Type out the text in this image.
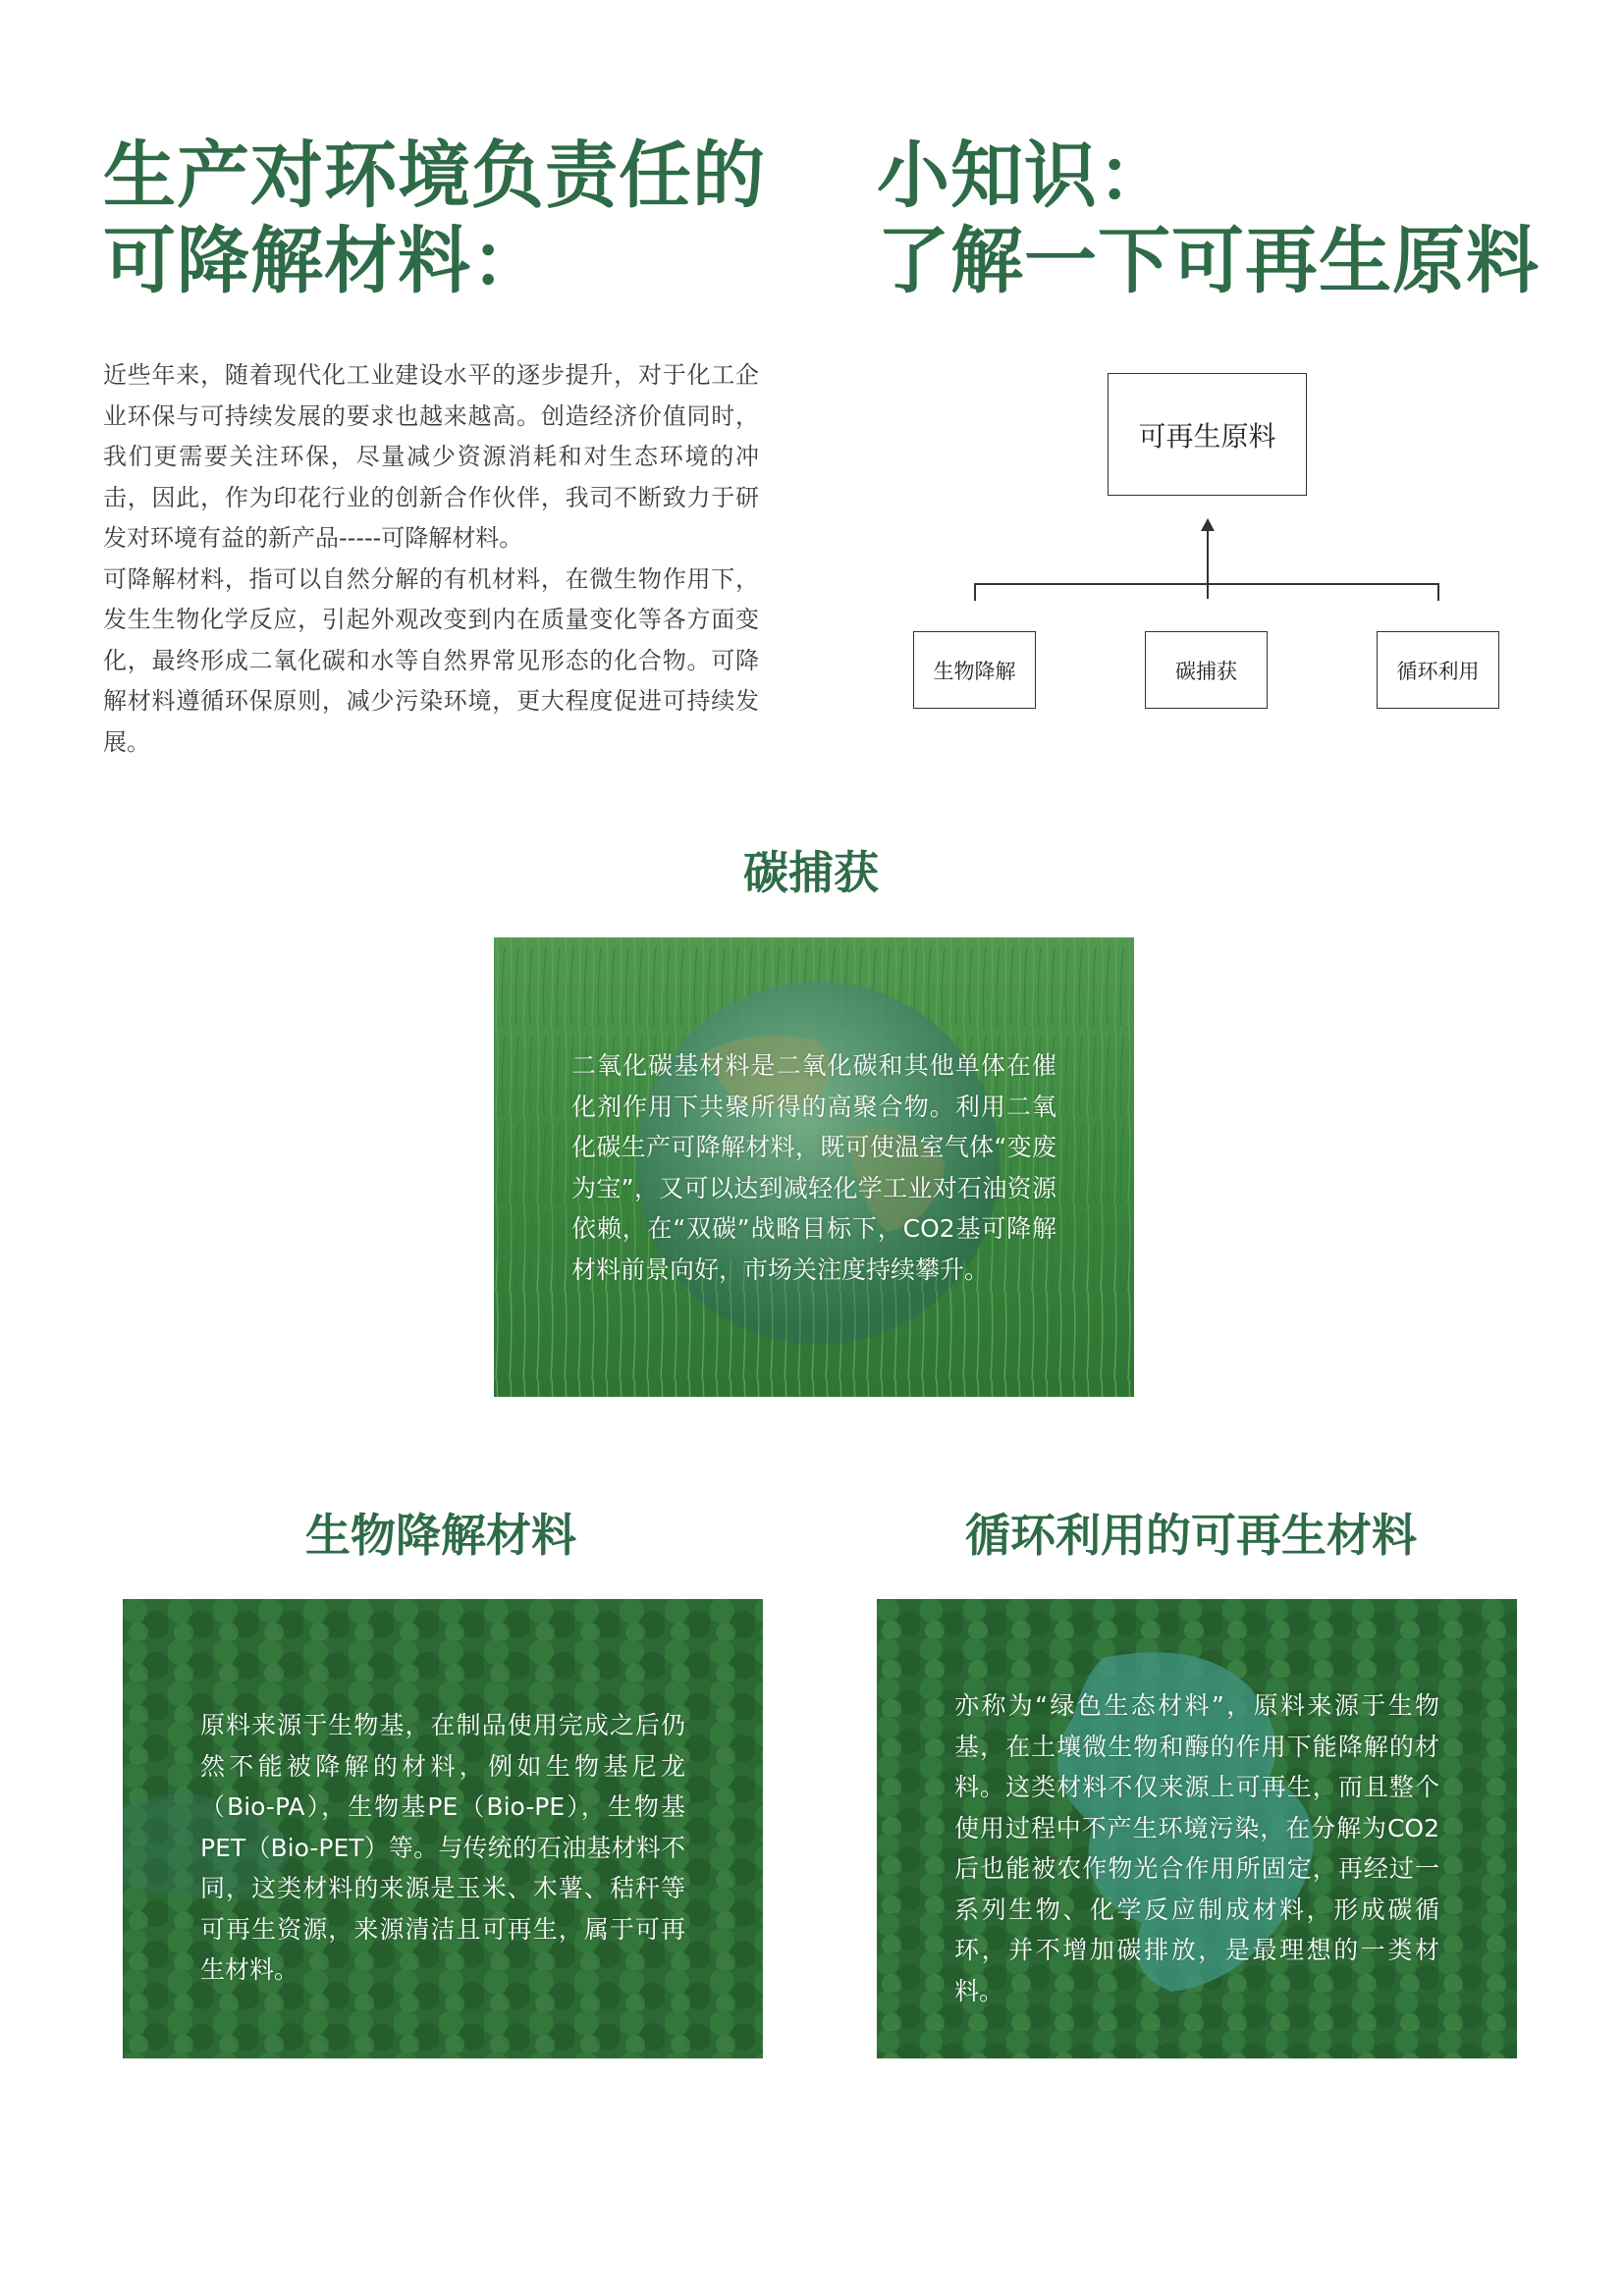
生产对环境负责任的
可降解材料：
小知识：
了解一下可再生原料

近些年来，随着现代化工业建设水平的逐步提升，对于化工企业环保与可持续发展的要求也越来越高。创造经济价值同时，我们更需要关注环保，尽量减少资源消耗和对生态环境的冲击，因此，作为印花行业的创新合作伙伴，我司不断致力于研发对环境有益的新产品-----可降解材料。

可降解材料，指可以自然分解的有机材料，在微生物作用下，发生生物化学反应，引起外观改变到内在质量变化等各方面变化，最终形成二氧化碳和水等自然界常见形态的化合物。可降解材料遵循环保原则，减少污染环境，更大程度促进可持续发展。

可再生原料
生物降解	碳捕获	循环利用
碳捕获

二氧化碳基材料是二氧化碳和其他单体在催化剂作用下共聚所得的高聚合物。利用二氧化碳生产可降解材料，既可使温室气体“变废为宝”，又可以达到减轻化学工业对石油资源依赖，在“双碳”战略目标下，CO2基可降解材料前景向好，市场关注度持续攀升。

生物降解材料

原料来源于生物基，在制品使用完成之后仍然不能被降解的材料，例如生物基尼龙（Bio-PA），生物基PE（Bio-PE），生物基PET（Bio-PET）等。与传统的石油基材料不同，这类材料的来源是玉米、木薯、秸秆等可再生资源，来源清洁且可再生，属于可再生材料。

循环利用的可再生材料

亦称为“绿色生态材料”，原料来源于生物基，在土壤微生物和酶的作用下能降解的材料。这类材料不仅来源上可再生，而且整个使用过程中不产生环境污染，在分解为CO2后也能被农作物光合作用所固定，再经过一系列生物、化学反应制成材料，形成碳循环，并不增加碳排放，是最理想的一类材料。
